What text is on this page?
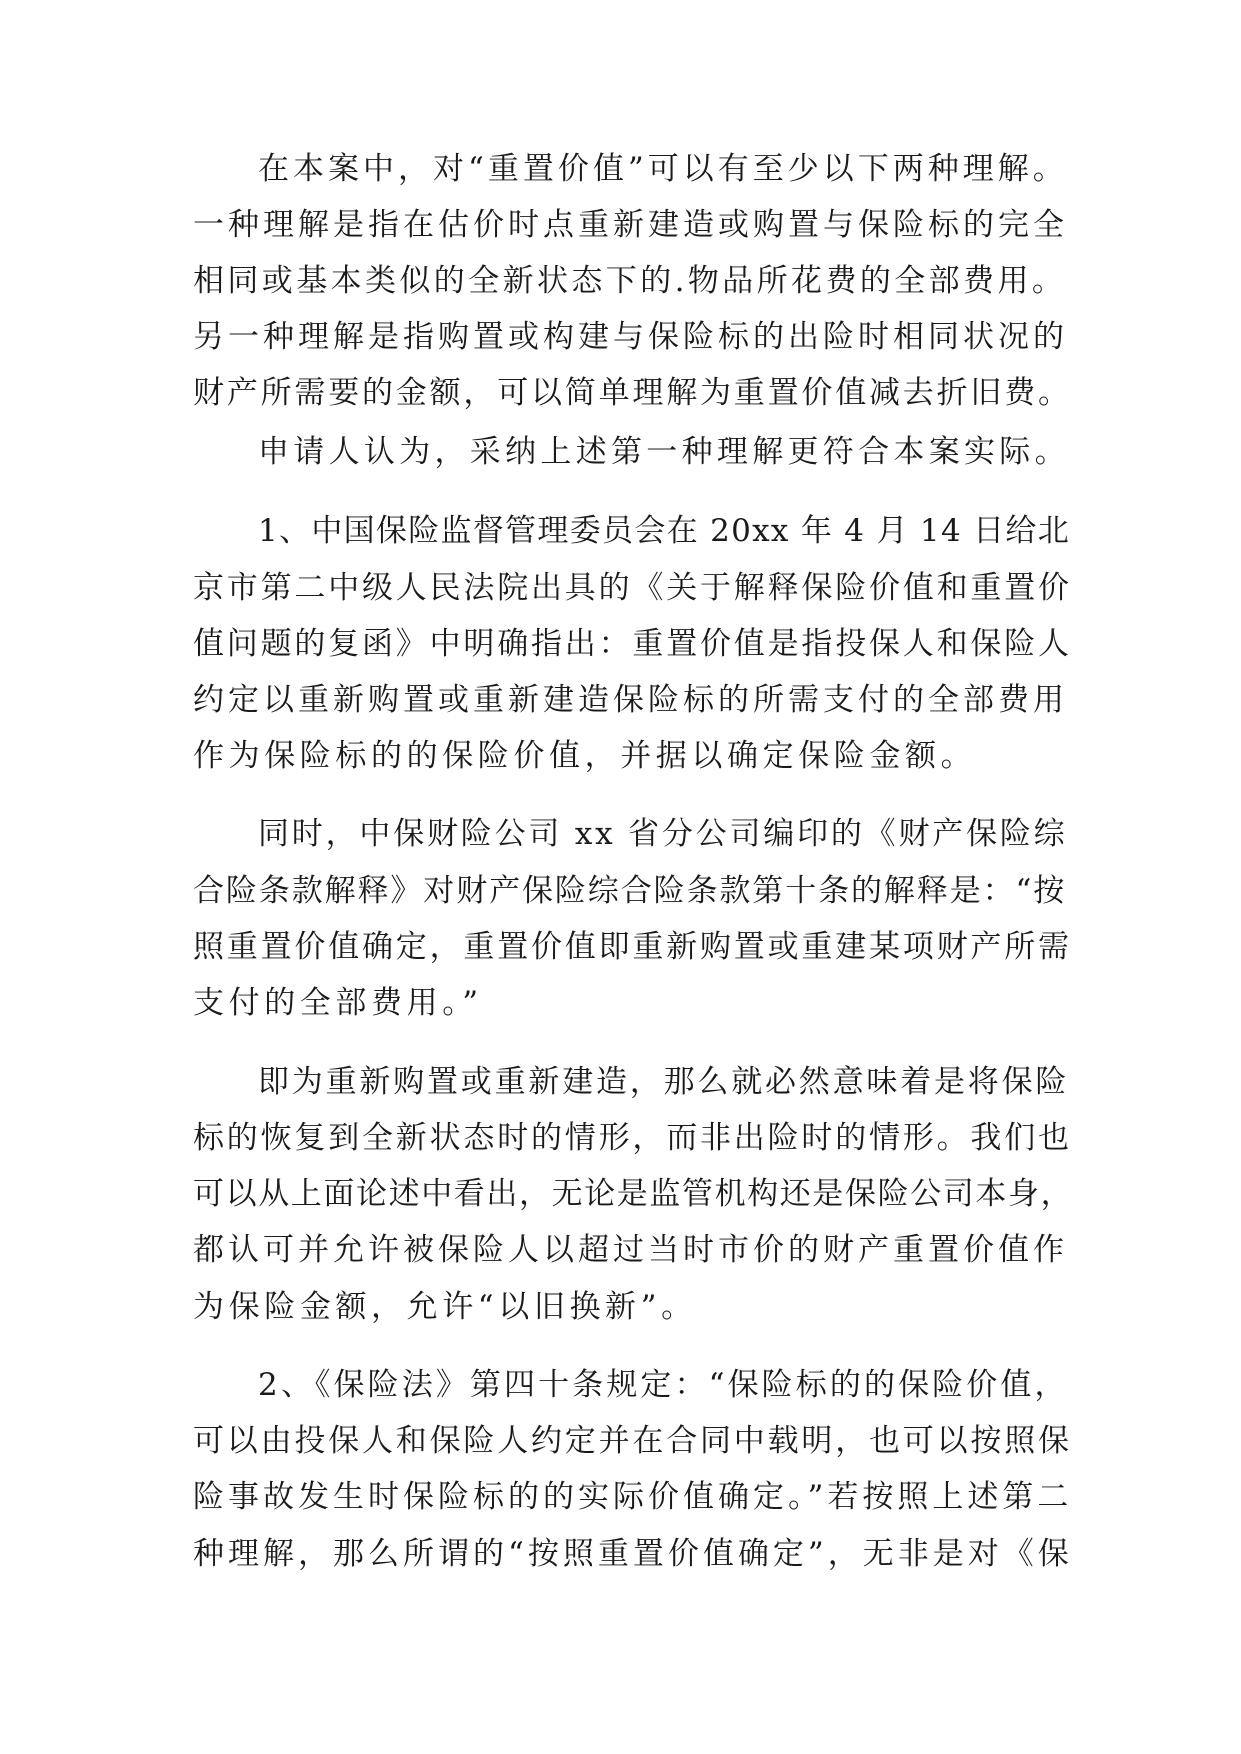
在本案中，对“重置价值”可以有至少以下两种理解。
一种理解是指在估价时点重新建造或购置与保险标的完全
相同或基本类似的全新状态下的.物品所花费的全部费用。
另一种理解是指购置或构建与保险标的出险时相同状况的
财产所需要的金额，可以简单理解为重置价值减去折旧费。
申请人认为，采纳上述第一种理解更符合本案实际。
1、中国保险监督管理委员会在 20xx 年 4 月 14 日给北
京市第二中级人民法院出具的《关于解释保险价值和重置价
值问题的复函》中明确指出：重置价值是指投保人和保险人
约定以重新购置或重新建造保险标的所需支付的全部费用
作为保险标的的保险价值，并据以确定保险金额。
同时，中保财险公司 xx 省分公司编印的《财产保险综
合险条款解释》对财产保险综合险条款第十条的解释是：“按
照重置价值确定，重置价值即重新购置或重建某项财产所需
支付的全部费用。”
即为重新购置或重新建造，那么就必然意味着是将保险
标的恢复到全新状态时的情形，而非出险时的情形。我们也
可以从上面论述中看出，无论是监管机构还是保险公司本身，
都认可并允许被保险人以超过当时市价的财产重置价值作
为保险金额，允许“以旧换新”。
2、《保险法》第四十条规定：“保险标的的保险价值，
可以由投保人和保险人约定并在合同中载明，也可以按照保
险事故发生时保险标的的实际价值确定。”若按照上述第二
种理解，那么所谓的“按照重置价值确定”，无非是对《保
